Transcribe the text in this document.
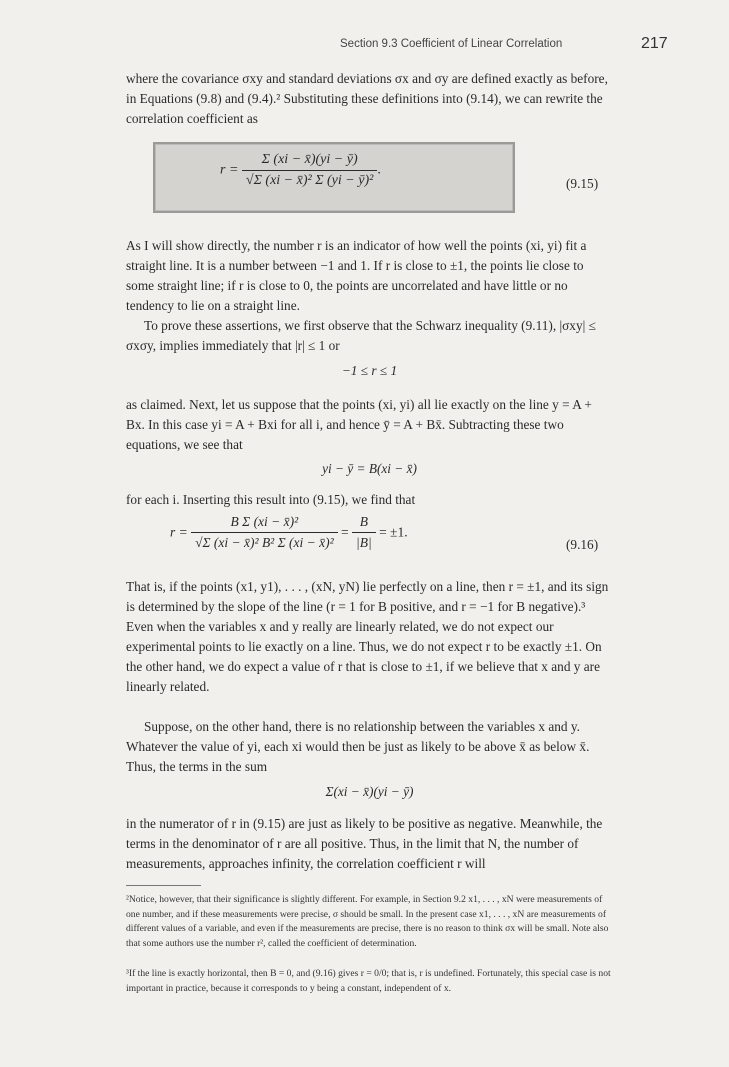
Section 9.3 Coefficient of Linear Correlation	217

where the covariance σxy and standard deviations σx and σy are defined exactly as before, in Equations (9.8) and (9.4).² Substituting these definitions into (9.14), we can rewrite the correlation coefficient as

$r = \frac{\Sigma (xi - x̄)(yi - ȳ)}{\text{√Σ (xi − x̄)² Σ (yi − ȳ)²}}$ .
(9.15)

As I will show directly, the number r is an indicator of how well the points (xi, yi) fit a straight line. It is a number between −1 and 1. If r is close to ±1, the points lie close to some straight line; if r is close to 0, the points are uncorrelated and have little or no tendency to lie on a straight line.

To prove these assertions, we first observe that the Schwarz inequality (9.11), |σxy| ≤ σxσy, implies immediately that |r| ≤ 1 or

−1 ≤ r ≤ 1

as claimed. Next, let us suppose that the points (xi, yi) all lie exactly on the line y = A + Bx. In this case yi = A + Bxi for all i, and hence ȳ = A + Bx̄. Subtracting these two equations, we see that

yi − ȳ = B(xi − x̄)

for each i. Inserting this result into (9.15), we find that

$r = \frac{\text{B Σ (xi − x̄)²}}{\text{√Σ (xi − x̄)² B² Σ (xi − x̄)²}} = \frac{B}{|B|} = \pm 1$.
(9.16)

That is, if the points (x1, y1), . . . , (xN, yN) lie perfectly on a line, then r = ±1, and its sign is determined by the slope of the line (r = 1 for B positive, and r = −1 for B negative).³ Even when the variables x and y really are linearly related, we do not expect our experimental points to lie exactly on a line. Thus, we do not expect r to be exactly ±1. On the other hand, we do expect a value of r that is close to ±1, if we believe that x and y are linearly related.

Suppose, on the other hand, there is no relationship between the variables x and y. Whatever the value of yi, each xi would then be just as likely to be above x̄ as below x̄. Thus, the terms in the sum

Σ(xi − x̄)(yi − ȳ)

in the numerator of r in (9.15) are just as likely to be positive as negative. Meanwhile, the terms in the denominator of r are all positive. Thus, in the limit that N, the number of measurements, approaches infinity, the correlation coefficient r will

²Notice, however, that their significance is slightly different. For example, in Section 9.2 x1, . . . , xN were measurements of one number, and if these measurements were precise, σ should be small. In the present case x1, . . . , xN are measurements of different values of a variable, and even if the measurements are precise, there is no reason to think σx will be small. Note also that some authors use the number r², called the coefficient of determination.

³If the line is exactly horizontal, then B = 0, and (9.16) gives r = 0/0; that is, r is undefined. Fortunately, this special case is not important in practice, because it corresponds to y being a constant, independent of x.
